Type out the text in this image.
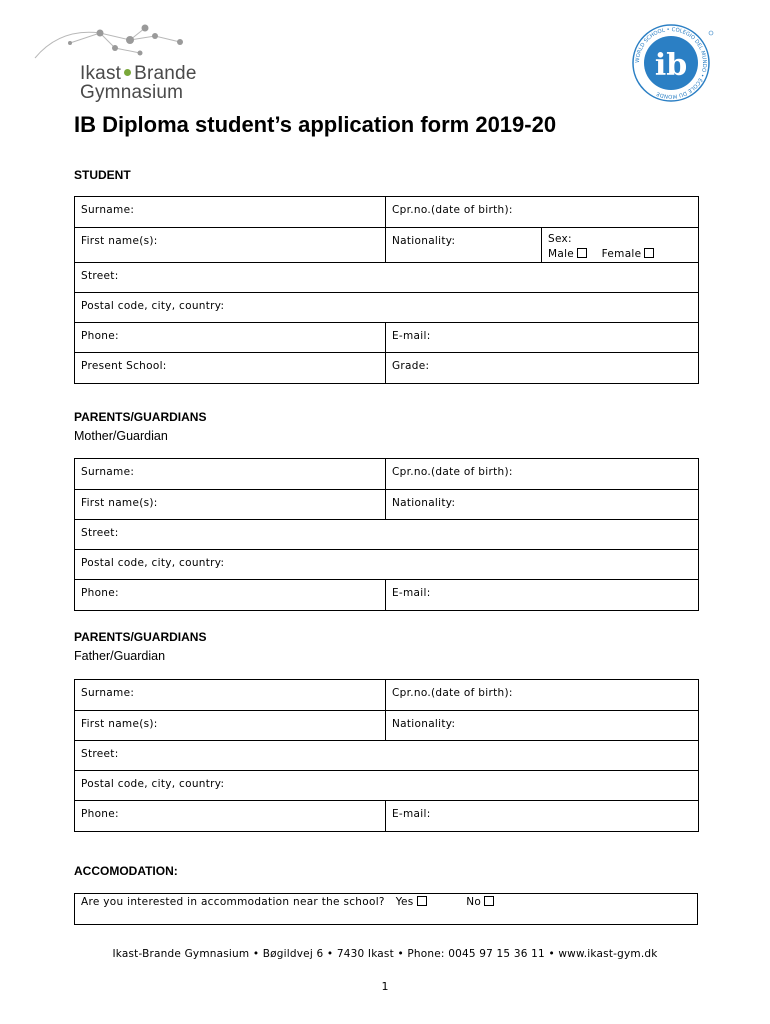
Ikast Brande
Gymnasium
WORLD SCHOOL • COLEGIO DEL MUNDO • ÉCOLE DU MONDE
ib
IB Diploma student’s application form 2019-20
STUDENT
Surname:	Cpr.no.(date of birth):	

First name(s):	Nationality:	Sex:
Male Female

Street:		

Postal code, city, country:		

Phone:	E-mail:	

Present School:	Grade:	
PARENTS/GUARDIANS
Mother/Guardian
Surname:	Cpr.no.(date of birth):

First name(s):	Nationality:

Street:	

Postal code, city, country:	

Phone:	E-mail:
PARENTS/GUARDIANS
Father/Guardian
Surname:	Cpr.no.(date of birth):

First name(s):	Nationality:

Street:	

Postal code, city, country:	

Phone:	E-mail:
ACCOMODATION:
Are you interested in accommodation near the school? Yes	No
Ikast-Brande Gymnasium • Bøgildvej 6 • 7430 Ikast • Phone: 0045 97 15 36 11 • www.ikast-gym.dk
1
